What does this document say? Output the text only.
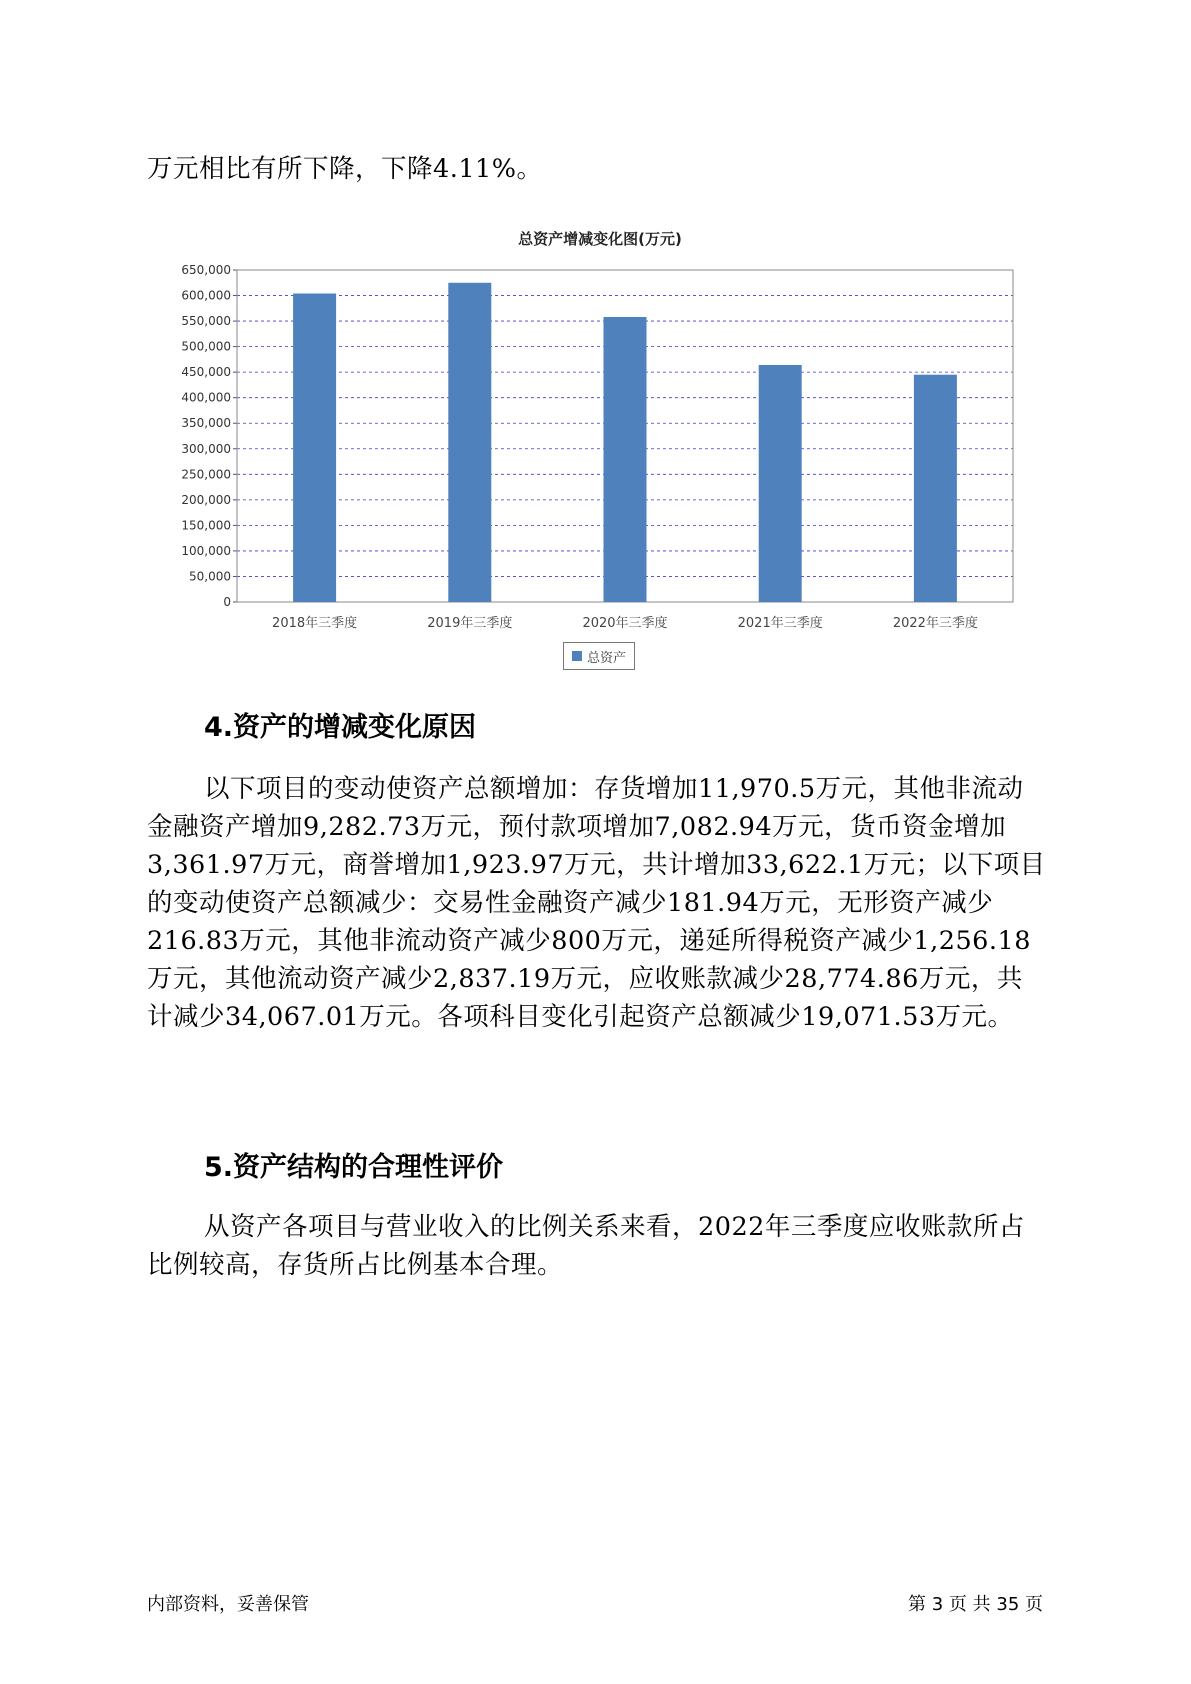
万元相比有所下降，下降4.11%。
总资产增减变化图(万元)
0
50,000
100,000
150,000
200,000
250,000
300,000
350,000
400,000
450,000
500,000
550,000
600,000
650,000
2018年三季度	2019年三季度	2020年三季度	2021年三季度	2022年三季度
总资产
4.资产的增减变化原因
以下项目的变动使资产总额增加：存货增加11,970.5万元，其他非流动金融资产增加9,282.73万元，预付款项增加7,082.94万元，货币资金增加3,361.97万元，商誉增加1,923.97万元，共计增加33,622.1万元；以下项目的变动使资产总额减少：交易性金融资产减少181.94万元，无形资产减少216.83万元，其他非流动资产减少800万元，递延所得税资产减少1,256.18万元，其他流动资产减少2,837.19万元，应收账款减少28,774.86万元，共计减少34,067.01万元。各项科目变化引起资产总额减少19,071.53万元。
5.资产结构的合理性评价
从资产各项目与营业收入的比例关系来看，2022年三季度应收账款所占比例较高，存货所占比例基本合理。
内部资料，妥善保管	第 3 页 共 35 页
